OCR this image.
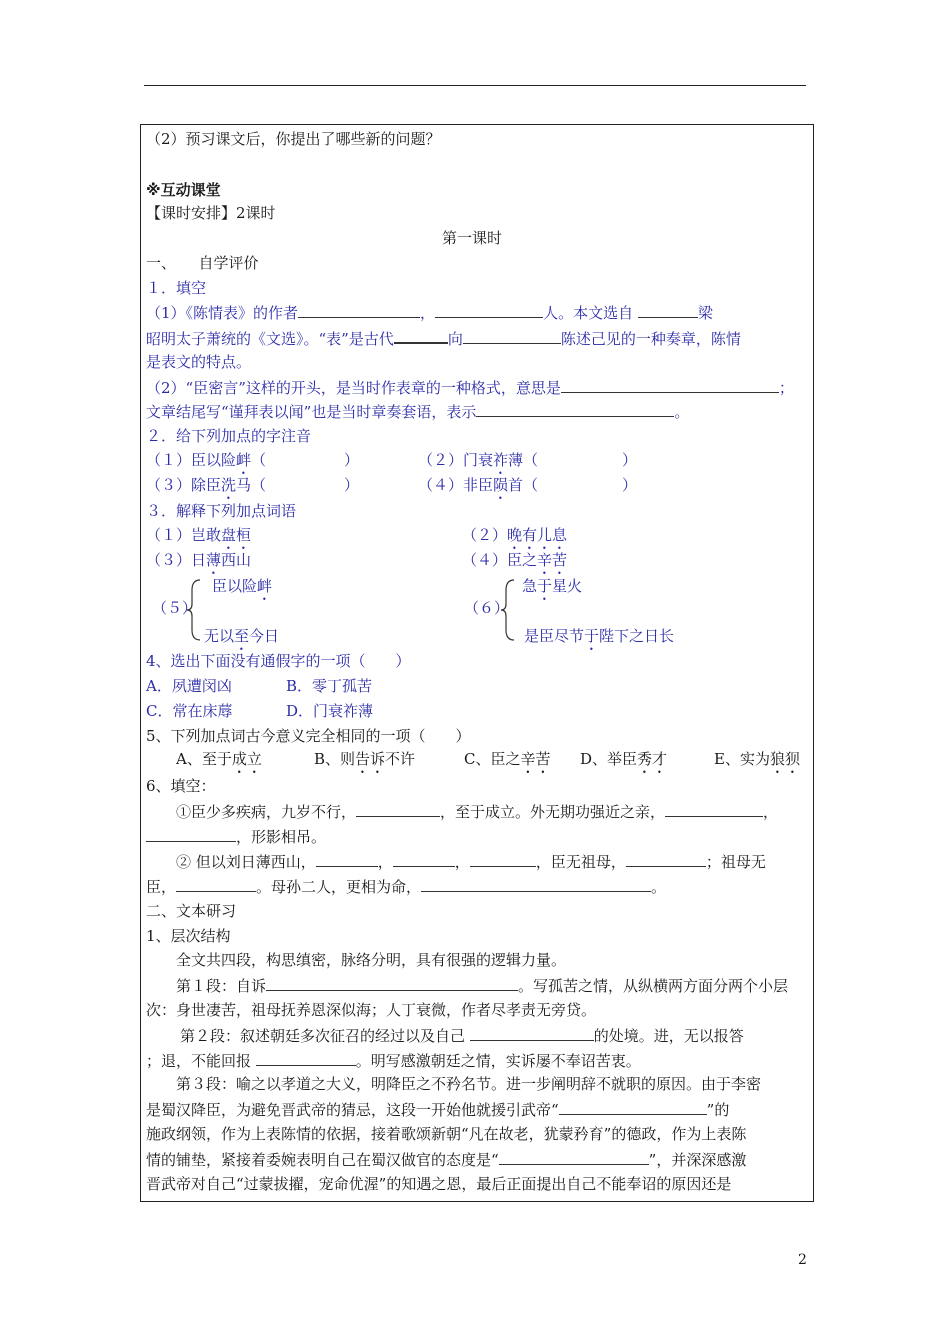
（2）预习课文后，你提出了哪些新的问题？
※互动课堂
【课时安排】2课时
第一课时
一、　　自学评价
１．填空
（1）《陈情表》的作者	，	人。本文选自	梁
昭明太子萧统的《文选》。“表”是古代	向	陈述己见的一种奏章，陈情
是表文的特点。
（2）“臣密言”这样的开头，是当时作表章的一种格式，意思是	；
文章结尾写“谨拜表以闻”也是当时章奏套语，表示	。
２．给下列加点的字注音
（１）臣以险衅（	）	（２）门衰祚薄（	）
（３）除臣洗马（	）	（４）非臣陨首（	）
３．解释下列加点词语
（１）岂敢盘桓	（２）晚有儿息
（３）日薄西山	（４）臣之辛苦
（５）
臣以险衅
无以至今日
（６）
急于星火
是臣尽节于陛下之日长
4、选出下面没有通假字的一项（　　）
A．夙遭闵凶	B．零丁孤苦
C．常在床蓐	D．门衰祚薄
5、下列加点词古今意义完全相同的一项（　　）
A、至于成立	B、则告诉不许	C、臣之辛苦 D、举臣秀才	E、实为狼狈
6、填空：
①臣少多疾病，九岁不行，	，至于成立。外无期功强近之亲，	，
，形影相吊。
② 但以刘日薄西山，	，	，	，臣无祖母，	；祖母无
臣，	。母孙二人，更相为命，	。
二、文本研习
1、层次结构
全文共四段，构思缜密，脉络分明，具有很强的逻辑力量。
第１段：自诉	。写孤苦之情，从纵横两方面分两个小层
次：身世凄苦，祖母抚养恩深似海；人丁衰微，作者尽孝责无旁贷。
第２段：叙述朝廷多次征召的经过以及自己	的处境。进，无以报答
；退，不能回报	。明写感激朝廷之情，实诉屡不奉诏苦衷。
第３段：喻之以孝道之大义，明降臣之不矜名节。进一步阐明辞不就职的原因。由于李密
是蜀汉降臣，为避免晋武帝的猜忌，这段一开始他就援引武帝“	”的
施政纲领，作为上表陈情的依据，接着歌颂新朝“凡在故老，犹蒙矜育”的德政，作为上表陈
情的铺垫，紧接着委婉表明自己在蜀汉做官的态度是“	”，并深深感激
晋武帝对自己“过蒙拔擢，宠命优渥”的知遇之恩，最后正面提出自己不能奉诏的原因还是
2
